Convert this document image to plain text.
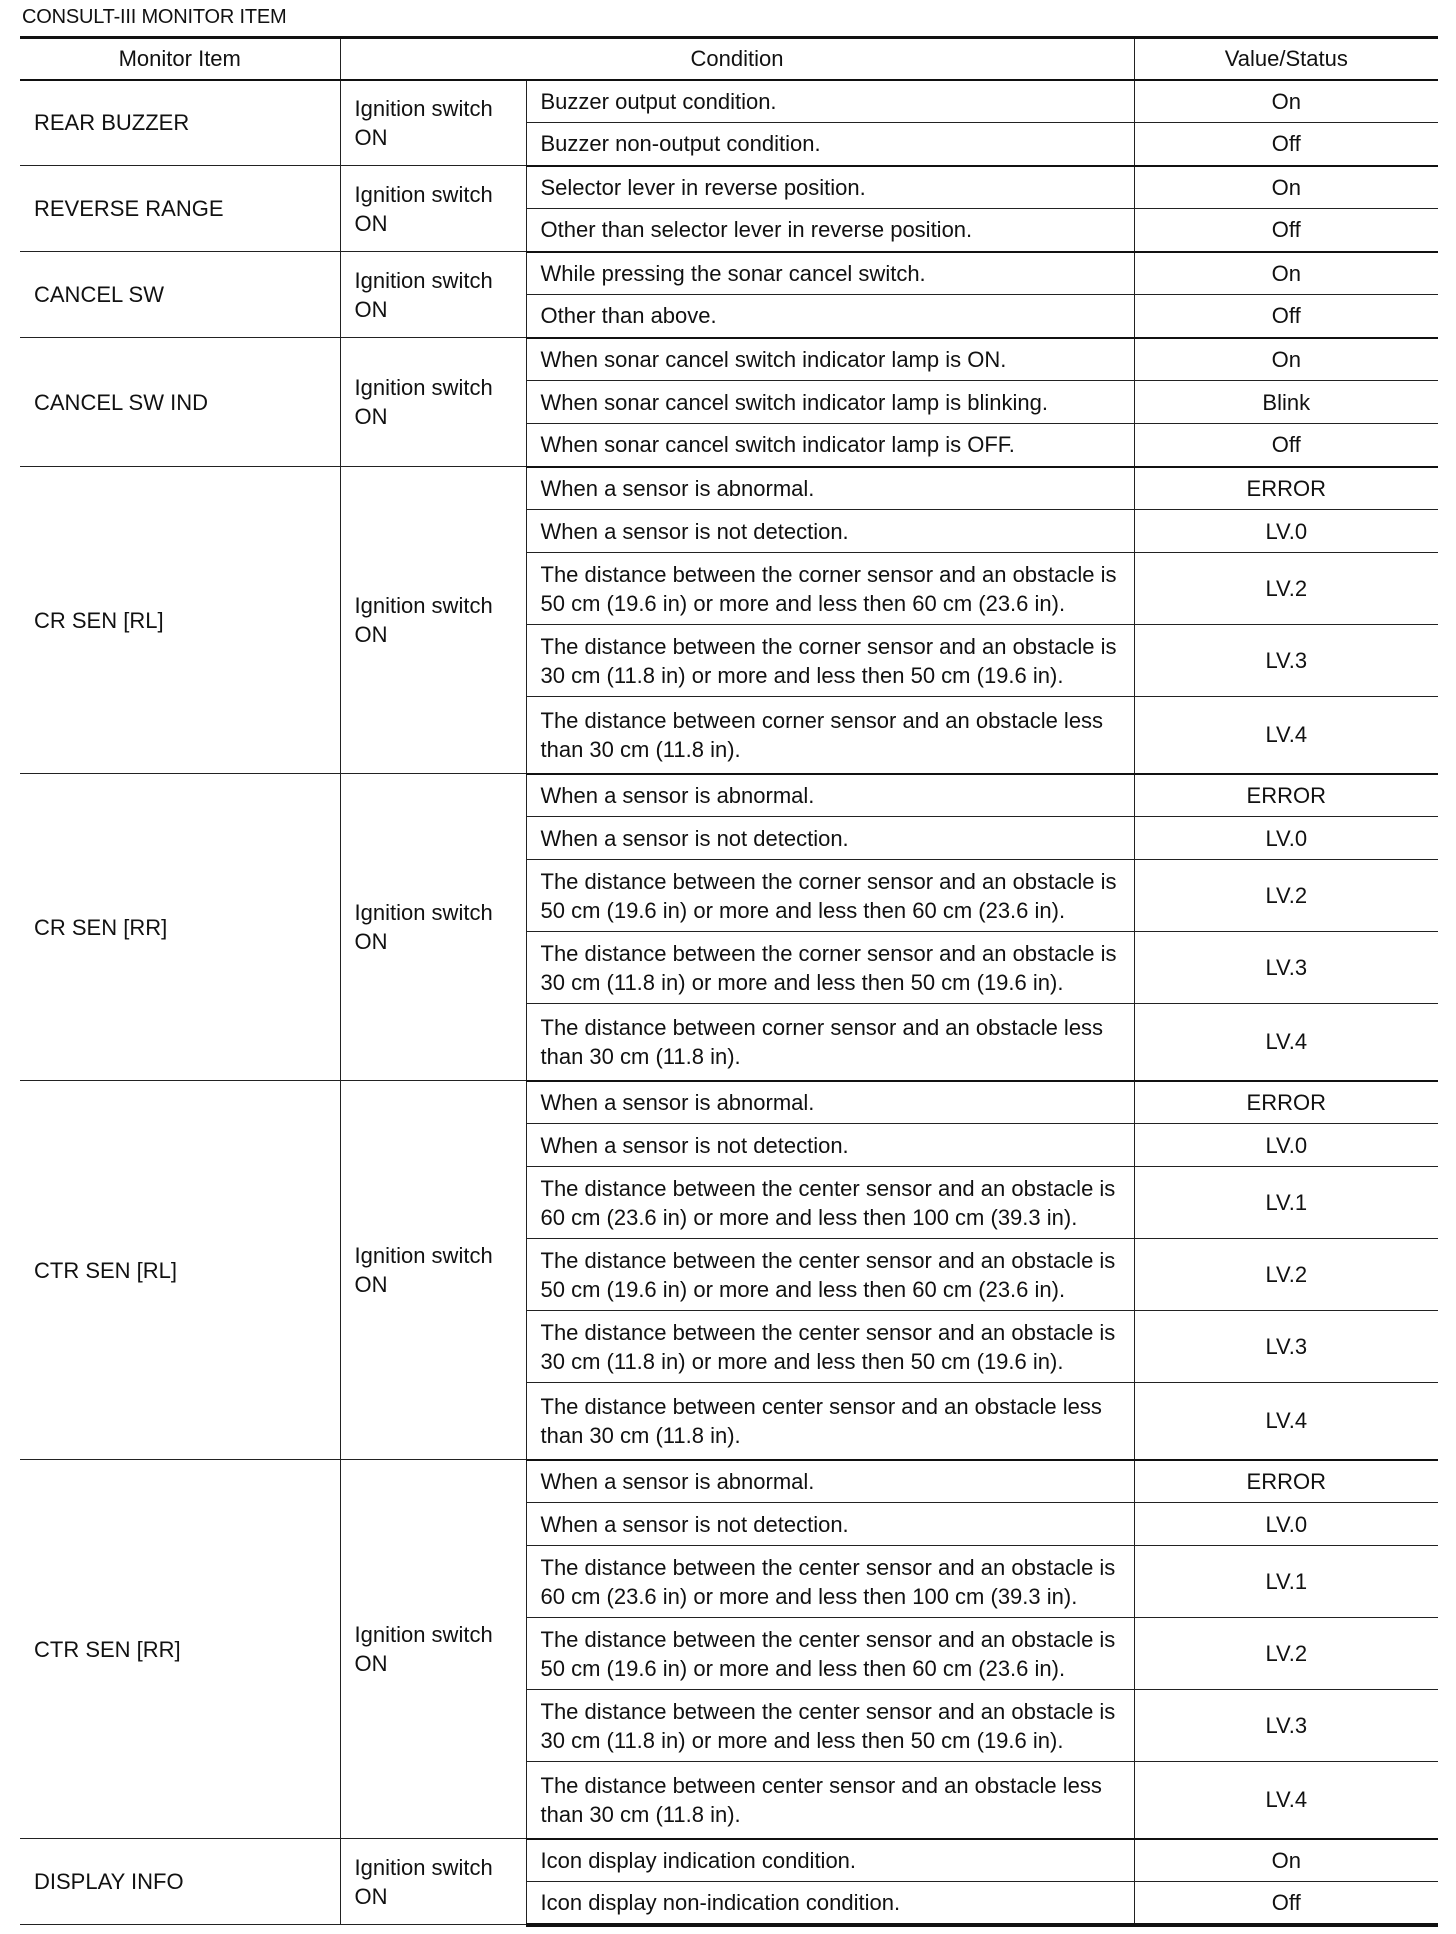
CONSULT-III MONITOR ITEM
Monitor Item	Condition		Value/Status
REAR BUZZER	Ignition switch ON	Buzzer output condition.	On
		Buzzer non-output condition.	Off
REVERSE RANGE	Ignition switch ON	Selector lever in reverse position.	On
		Other than selector lever in reverse position.	Off
CANCEL SW	Ignition switch ON	While pressing the sonar cancel switch.	On
		Other than above.	Off
CANCEL SW IND	Ignition switch ON	When sonar cancel switch indicator lamp is ON.	On
		When sonar cancel switch indicator lamp is blinking.	Blink
		When sonar cancel switch indicator lamp is OFF.	Off
CR SEN [RL]	Ignition switch ON	When a sensor is abnormal.	ERROR
		When a sensor is not detection.	LV.0
		The distance between the corner sensor and an obstacle is 50 cm (19.6 in) or more and less then 60 cm (23.6 in).	LV.2
		The distance between the corner sensor and an obstacle is 30 cm (11.8 in) or more and less then 50 cm (19.6 in).	LV.3
		The distance between corner sensor and an obstacle less than 30 cm (11.8 in).	LV.4
CR SEN [RR]	Ignition switch ON	When a sensor is abnormal.	ERROR
		When a sensor is not detection.	LV.0
		The distance between the corner sensor and an obstacle is 50 cm (19.6 in) or more and less then 60 cm (23.6 in).	LV.2
		The distance between the corner sensor and an obstacle is 30 cm (11.8 in) or more and less then 50 cm (19.6 in).	LV.3
		The distance between corner sensor and an obstacle less than 30 cm (11.8 in).	LV.4
CTR SEN [RL]	Ignition switch ON	When a sensor is abnormal.	ERROR
		When a sensor is not detection.	LV.0
		The distance between the center sensor and an obstacle is 60 cm (23.6 in) or more and less then 100 cm (39.3 in).	LV.1
		The distance between the center sensor and an obstacle is 50 cm (19.6 in) or more and less then 60 cm (23.6 in).	LV.2
		The distance between the center sensor and an obstacle is 30 cm (11.8 in) or more and less then 50 cm (19.6 in).	LV.3
		The distance between center sensor and an obstacle less than 30 cm (11.8 in).	LV.4
CTR SEN [RR]	Ignition switch ON	When a sensor is abnormal.	ERROR
		When a sensor is not detection.	LV.0
		The distance between the center sensor and an obstacle is 60 cm (23.6 in) or more and less then 100 cm (39.3 in).	LV.1
		The distance between the center sensor and an obstacle is 50 cm (19.6 in) or more and less then 60 cm (23.6 in).	LV.2
		The distance between the center sensor and an obstacle is 30 cm (11.8 in) or more and less then 50 cm (19.6 in).	LV.3
		The distance between center sensor and an obstacle less than 30 cm (11.8 in).	LV.4
DISPLAY INFO	Ignition switch ON	Icon display indication condition.	On
		Icon display non-indication condition.	Off
